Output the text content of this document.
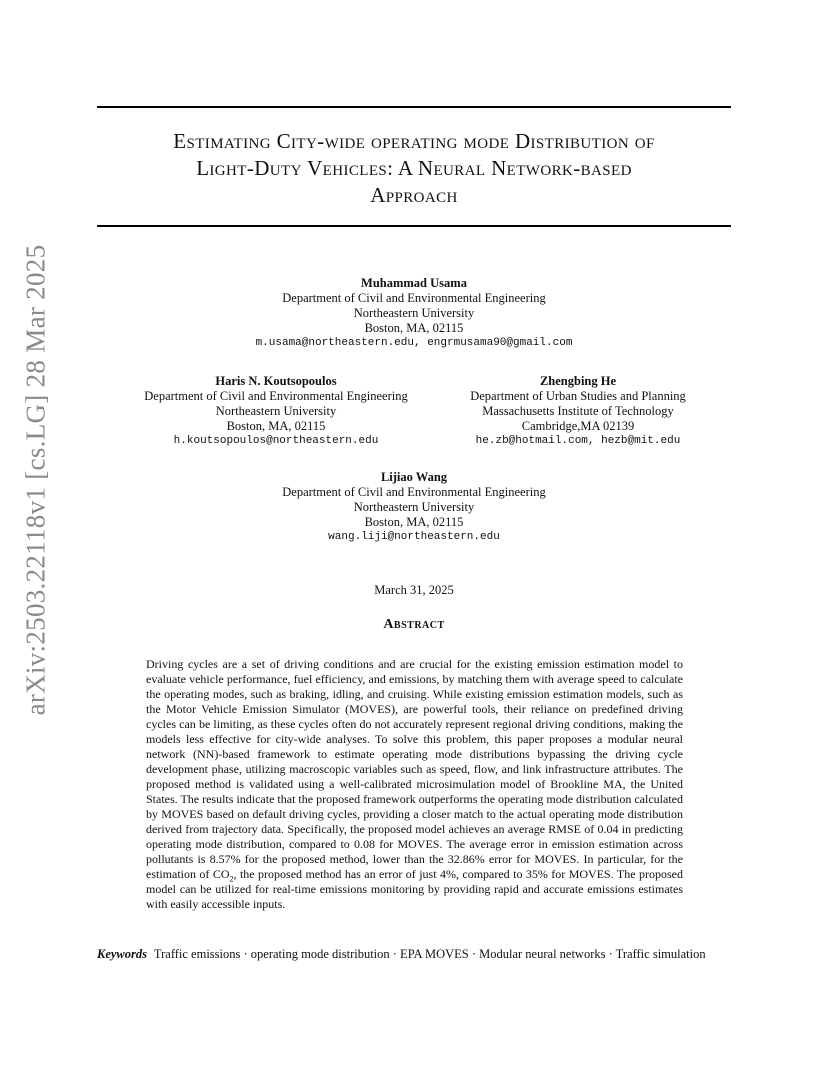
arXiv:2503.22118v1 [cs.LG] 28 Mar 2025
Estimating City-wide operating mode Distribution of
Light-Duty Vehicles: A Neural Network-based
Approach
Muhammad Usama
Department of Civil and Environmental Engineering
Northeastern University
Boston, MA, 02115
m.usama@northeastern.edu, engrmusama90@gmail.com
Haris N. Koutsopoulos
Department of Civil and Environmental Engineering
Northeastern University
Boston, MA, 02115
h.koutsopoulos@northeastern.edu
Zhengbing He
Department of Urban Studies and Planning
Massachusetts Institute of Technology
Cambridge,MA 02139
he.zb@hotmail.com, hezb@mit.edu
Lijiao Wang
Department of Civil and Environmental Engineering
Northeastern University
Boston, MA, 02115
wang.liji@northeastern.edu
March 31, 2025
Abstract
Driving cycles are a set of driving conditions and are crucial for the existing emission estimation model to evaluate vehicle performance, fuel efficiency, and emissions, by matching them with average speed to calculate the operating modes, such as braking, idling, and cruising. While existing emission estimation models, such as the Motor Vehicle Emission Simulator (MOVES), are powerful tools, their reliance on predefined driving cycles can be limiting, as these cycles often do not accurately represent regional driving conditions, making the models less effective for city-wide analyses. To solve this problem, this paper proposes a modular neural network (NN)-based framework to estimate operating mode distributions bypassing the driving cycle development phase, utilizing macroscopic variables such as speed, flow, and link infrastructure attributes. The proposed method is validated using a well-calibrated microsimulation model of Brookline MA, the United States. The results indicate that the proposed framework outperforms the operating mode distribution calculated by MOVES based on default driving cycles, providing a closer match to the actual operating mode distribution derived from trajectory data. Specifically, the proposed model achieves an average RMSE of 0.04 in predicting operating mode distribution, compared to 0.08 for MOVES. The average error in emission estimation across pollutants is 8.57% for the proposed method, lower than the 32.86% error for MOVES. In particular, for the estimation of $CO_2$, the proposed method has an error of just 4%, compared to 35% for MOVES. The proposed model can be utilized for real-time emissions monitoring by providing rapid and accurate emissions estimates with easily accessible inputs.
Keywords Traffic emissions · operating mode distribution · EPA MOVES · Modular neural networks · Traffic simulation
